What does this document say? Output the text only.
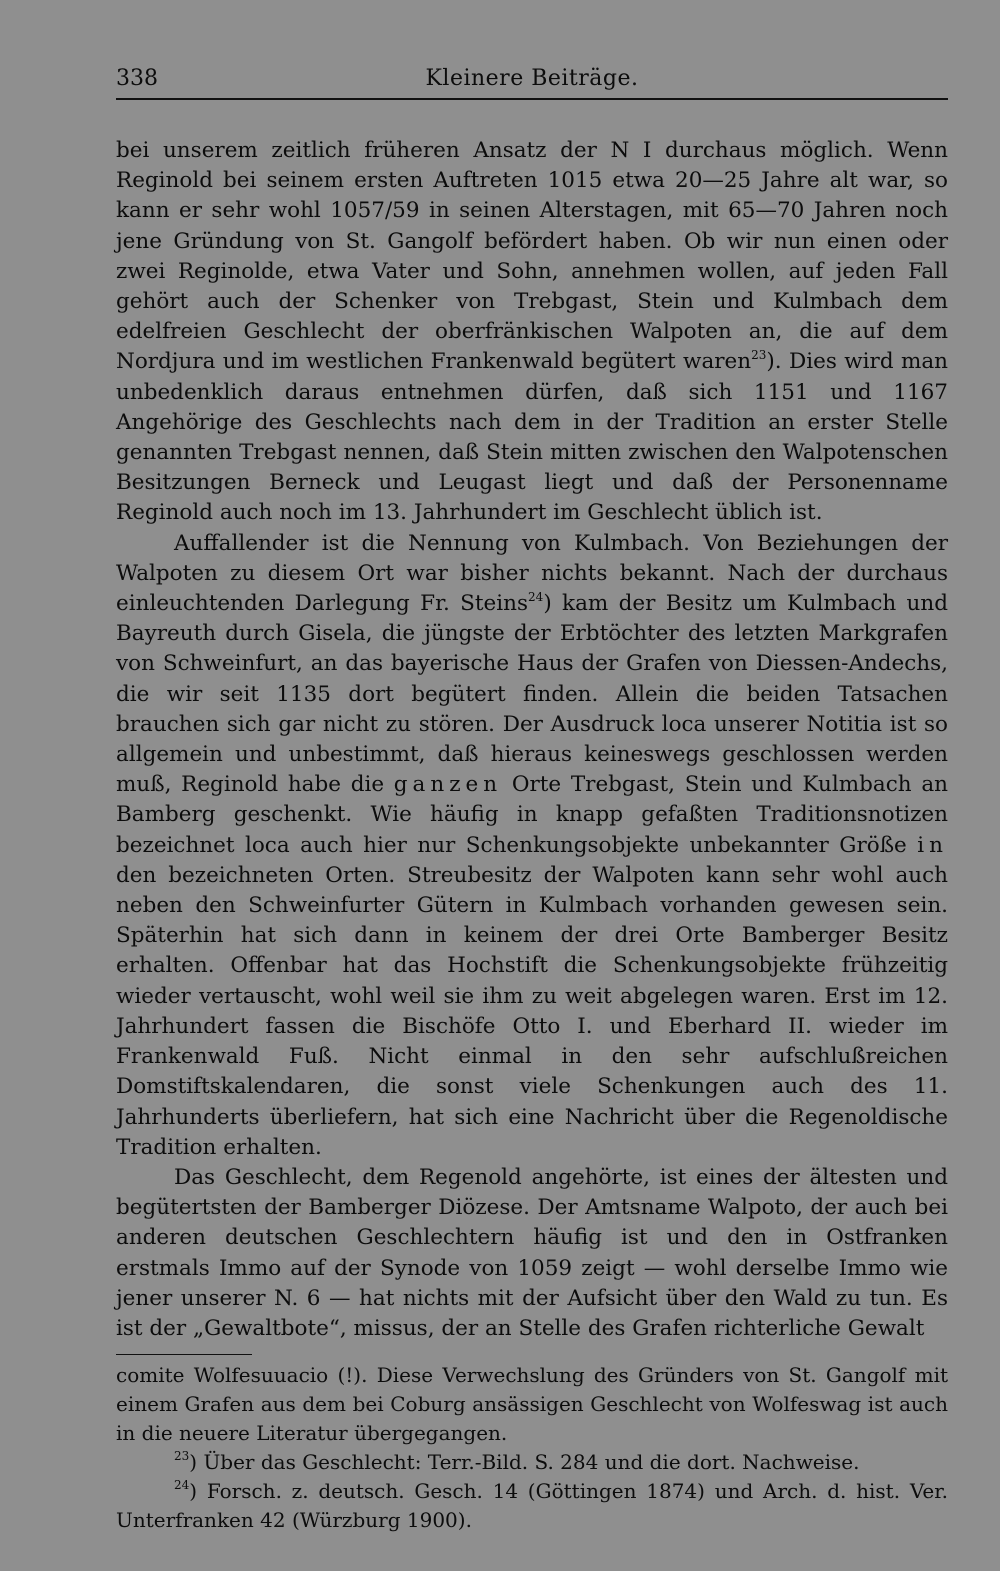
338	Kleinere Beiträge.

bei unserem zeitlich früheren Ansatz der N I durchaus möglich. Wenn Reginold bei seinem ersten Auftreten 1015 etwa 20—25 Jahre alt war, so kann er sehr wohl 1057/59 in seinen Alterstagen, mit 65—70 Jahren noch jene Gründung von St. Gangolf befördert haben. Ob wir nun einen oder zwei Reginolde, etwa Vater und Sohn, annehmen wollen, auf jeden Fall gehört auch der Schenker von Trebgast, Stein und Kulmbach dem edelfreien Geschlecht der oberfränkischen Walpoten an, die auf dem Nordjura und im westlichen Frankenwald begütert waren$^{23}$). Dies wird man unbedenklich daraus entnehmen dürfen, daß sich 1151 und 1167 Angehörige des Geschlechts nach dem in der Tradition an erster Stelle genannten Trebgast nennen, daß Stein mitten zwischen den Walpotenschen Besitzungen Berneck und Leugast liegt und daß der Personenname Reginold auch noch im 13. Jahrhundert im Geschlecht üblich ist.

Auffallender ist die Nennung von Kulmbach. Von Beziehungen der Walpoten zu diesem Ort war bisher nichts bekannt. Nach der durchaus einleuchtenden Darlegung Fr. Steins$^{24}$) kam der Besitz um Kulmbach und Bayreuth durch Gisela, die jüngste der Erbtöchter des letzten Markgrafen von Schweinfurt, an das bayerische Haus der Grafen von Diessen-Andechs, die wir seit 1135 dort begütert finden. Allein die beiden Tatsachen brauchen sich gar nicht zu stören. Der Ausdruck loca unserer Notitia ist so allgemein und unbestimmt, daß hieraus keineswegs geschlossen werden muß, Reginold habe die ganzen Orte Trebgast, Stein und Kulmbach an Bamberg geschenkt. Wie häufig in knapp gefaßten Traditionsnotizen bezeichnet loca auch hier nur Schenkungsobjekte unbekannter Größe in den bezeichneten Orten. Streubesitz der Walpoten kann sehr wohl auch neben den Schweinfurter Gütern in Kulmbach vorhanden gewesen sein. Späterhin hat sich dann in keinem der drei Orte Bamberger Besitz erhalten. Offenbar hat das Hochstift die Schenkungsobjekte frühzeitig wieder vertauscht, wohl weil sie ihm zu weit abgelegen waren. Erst im 12. Jahrhundert fassen die Bischöfe Otto I. und Eberhard II. wieder im Frankenwald Fuß. Nicht einmal in den sehr aufschlußreichen Domstiftskalendaren, die sonst viele Schenkungen auch des 11. Jahrhunderts überliefern, hat sich eine Nachricht über die Regenoldische Tradition erhalten.

Das Geschlecht, dem Regenold angehörte, ist eines der ältesten und begütertsten der Bamberger Diözese. Der Amtsname Walpoto, der auch bei anderen deutschen Geschlechtern häufig ist und den in Ostfranken erstmals Immo auf der Synode von 1059 zeigt — wohl derselbe Immo wie jener unserer N. 6 — hat nichts mit der Aufsicht über den Wald zu tun. Es ist der „Gewaltbote“, missus, der an Stelle des Grafen richterliche Gewalt

comite Wolfesuuacio (!). Diese Verwechslung des Gründers von St. Gangolf mit einem Grafen aus dem bei Coburg ansässigen Geschlecht von Wolfeswag ist auch in die neuere Literatur übergegangen.

$^{23}$) Über das Geschlecht: Terr.-Bild. S. 284 und die dort. Nachweise.

$^{24}$) Forsch. z. deutsch. Gesch. 14 (Göttingen 1874) und Arch. d. hist. Ver. Unterfranken 42 (Würzburg 1900).
